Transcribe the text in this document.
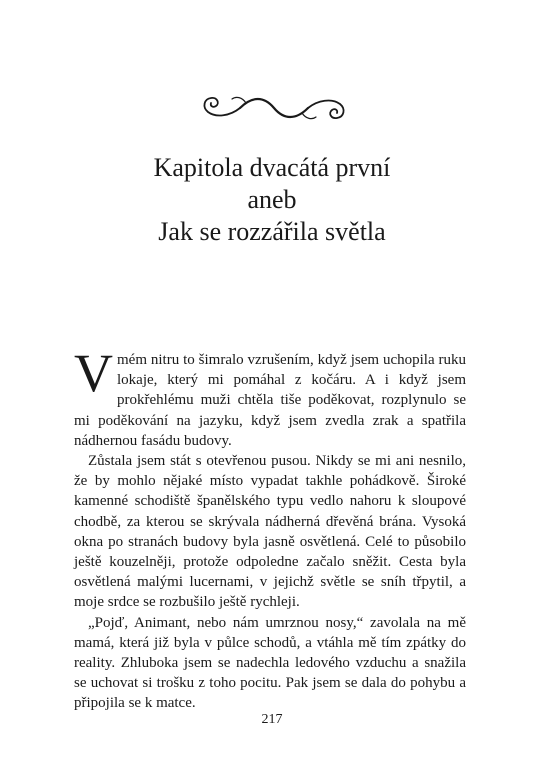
Kapitola dvacátá první
aneb
Jak se rozzářila světla

V mém nitru to šimralo vzrušením, když jsem uchopila ruku lokaje, který mi pomáhal z kočáru. A i když jsem prokřehlému muži chtěla tiše poděkovat, rozplynulo se mi poděkování na jazyku, když jsem zvedla zrak a spatřila nádhernou fasádu budovy.

Zůstala jsem stát s otevřenou pusou. Nikdy se mi ani nesnilo, že by mohlo nějaké místo vypadat takhle pohádkově. Široké kamenné schodiště španělského typu vedlo nahoru k sloupové chodbě, za kterou se skrývala nádherná dřevěná brána. Vysoká okna po stranách budovy byla jasně osvětlená. Celé to působilo ještě kouzelněji, protože odpoledne začalo sněžit. Cesta byla osvětlená malými lucernami, v jejichž světle se sníh třpytil, a moje srdce se rozbušilo ještě rychleji.

„Pojď, Animant, nebo nám umrznou nosy,“ zavolala na mě mamá, která již byla v půlce schodů, a vtáhla mě tím zpátky do reality. Zhluboka jsem se nadechla ledového vzduchu a snažila se uchovat si trošku z toho pocitu. Pak jsem se dala do pohybu a připojila se k matce.

217
